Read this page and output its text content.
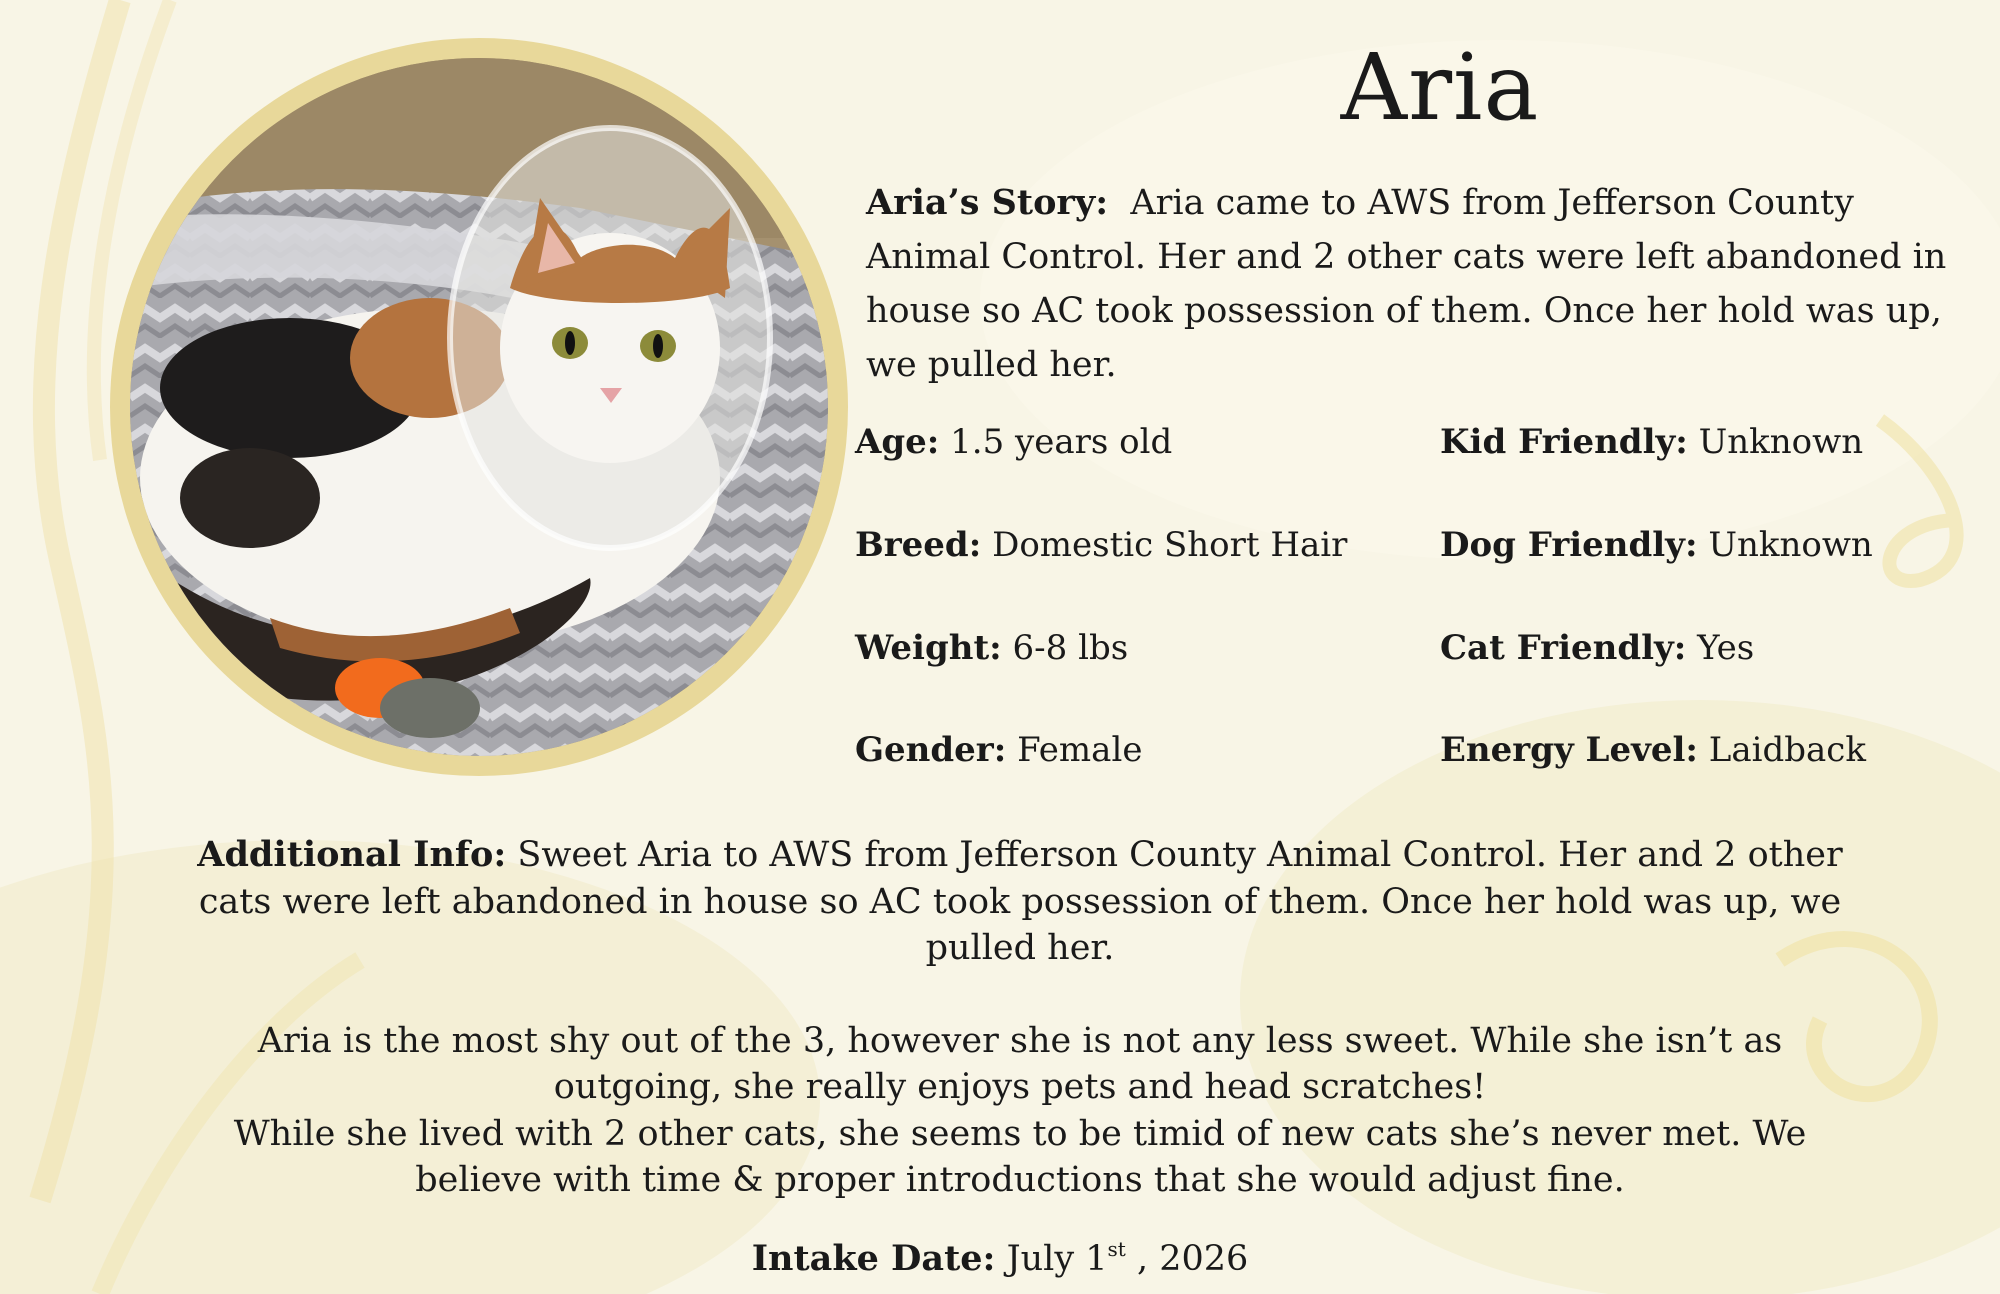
Aria
Aria’s Story: Aria came to AWS from Jefferson County Animal Control. Her and 2 other cats were left abandoned in house so AC took possession of them. Once her hold was up, we pulled her.
Age: 1.5 years old
Breed: Domestic Short Hair
Weight: 6-8 lbs
Gender: Female
Kid Friendly: Unknown
Dog Friendly: Unknown
Cat Friendly: Yes
Energy Level: Laidback

Additional Info: Sweet Aria to AWS from Jefferson County Animal Control. Her and 2 other cats were left abandoned in house so AC took possession of them. Once her hold was up, we pulled her.

Aria is the most shy out of the 3, however she is not any less sweet. While she isn’t as outgoing, she really enjoys pets and head scratches!

While she lived with 2 other cats, she seems to be timid of new cats she’s never met. We believe with time & proper introductions that she would adjust fine.

Intake Date: July 1st , 2026
